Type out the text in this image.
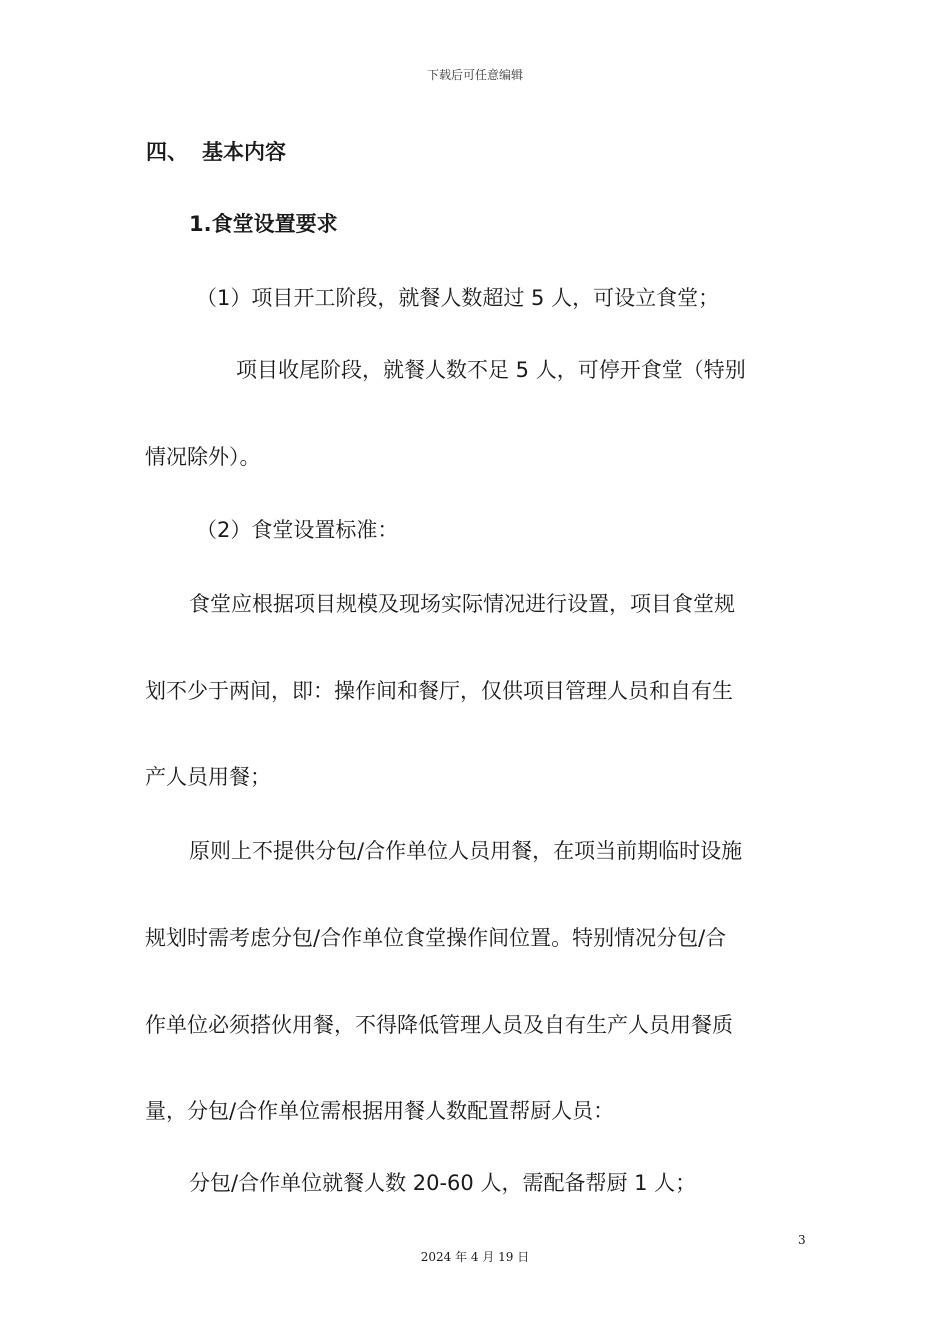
下载后可任意编辑
四、 基本内容
1.食堂设置要求
（1）项目开工阶段，就餐人数超过 5 人，可设立食堂；
项目收尾阶段，就餐人数不足 5 人，可停开食堂（特别
情况除外）。
（2）食堂设置标准：
食堂应根据项目规模及现场实际情况进行设置，项目食堂规
划不少于两间，即：操作间和餐厅，仅供项目管理人员和自有生
产人员用餐；
原则上不提供分包/合作单位人员用餐，在项当前期临时设施
规划时需考虑分包/合作单位食堂操作间位置。特别情况分包/合
作单位必须搭伙用餐，不得降低管理人员及自有生产人员用餐质
量，分包/合作单位需根据用餐人数配置帮厨人员：
分包/合作单位就餐人数 20-60 人，需配备帮厨 1 人；
3
2024 年 4 月 19 日
